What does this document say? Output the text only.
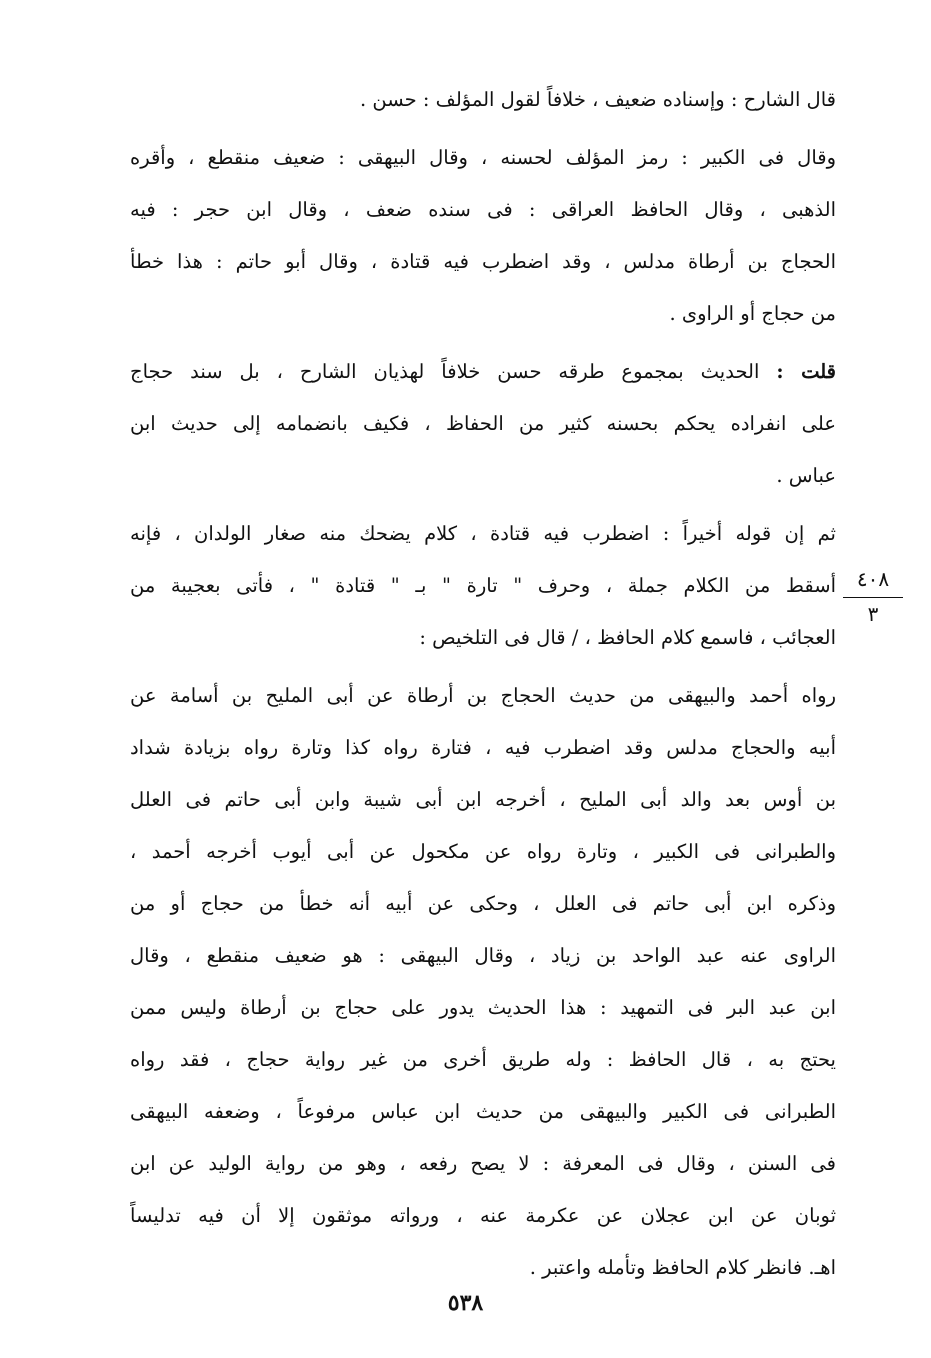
قال الشارح : وإسناده ضعيف ، خلافاً لقول المؤلف : حسن .
وقال فى الكبير : رمز المؤلف لحسنه ، وقال البيهقى : ضعيف منقطع ، وأقره
الذهبى ، وقال الحافظ العراقى : فى سنده ضعف ، وقال ابن حجر : فيه
الحجاج بن أرطاة مدلس ، وقد اضطرب فيه قتادة ، وقال أبو حاتم : هذا خطأ
من حجاج أو الراوى .
قلت : الحديث بمجموع طرقه حسن خلافاً لهذيان الشارح ، بل سند حجاج
على انفراده يحكم بحسنه كثير من الحفاظ ، فكيف بانضمامه إلى حديث ابن
عباس .
ثم إن قوله أخيراً : اضطرب فيه قتادة ، كلام يضحك منه صغار الولدان ، فإنه
أسقط من الكلام جملة ، وحرف " تارة " بـ " قتادة " ، فأتى بعجيبة من
العجائب ، فاسمع كلام الحافظ ، / قال فى التلخيص :
رواه أحمد والبيهقى من حديث الحجاج بن أرطاة عن أبى المليح بن أسامة عن
أبيه والحجاج مدلس وقد اضطرب فيه ، فتارة رواه كذا وتارة رواه بزيادة شداد
بن أوس بعد والد أبى المليح ، أخرجه ابن أبى شيبة وابن أبى حاتم فى العلل
والطبرانى فى الكبير ، وتارة رواه عن مكحول عن أبى أيوب أخرجه أحمد ،
وذكره ابن أبى حاتم فى العلل ، وحكى عن أبيه أنه خطأ من حجاج أو من
الراوى عنه عبد الواحد بن زياد ، وقال البيهقى : هو ضعيف منقطع ، وقال
ابن عبد البر فى التمهيد : هذا الحديث يدور على حجاج بن أرطاة وليس ممن
يحتج به ، قال الحافظ : وله طريق أخرى من غير رواية حجاج ، فقد رواه
الطبرانى فى الكبير والبيهقى من حديث ابن عباس مرفوعاً ، وضعفه البيهقى
فى السنن ، وقال فى المعرفة : لا يصح رفعه ، وهو من رواية الوليد عن ابن
ثوبان عن ابن عجلان عن عكرمة عنه ، ورواته موثقون إلا أن فيه تدليساً
اهـ. فانظر كلام الحافظ وتأمله واعتبر .
٤٠٨
٣
٥٣٨
